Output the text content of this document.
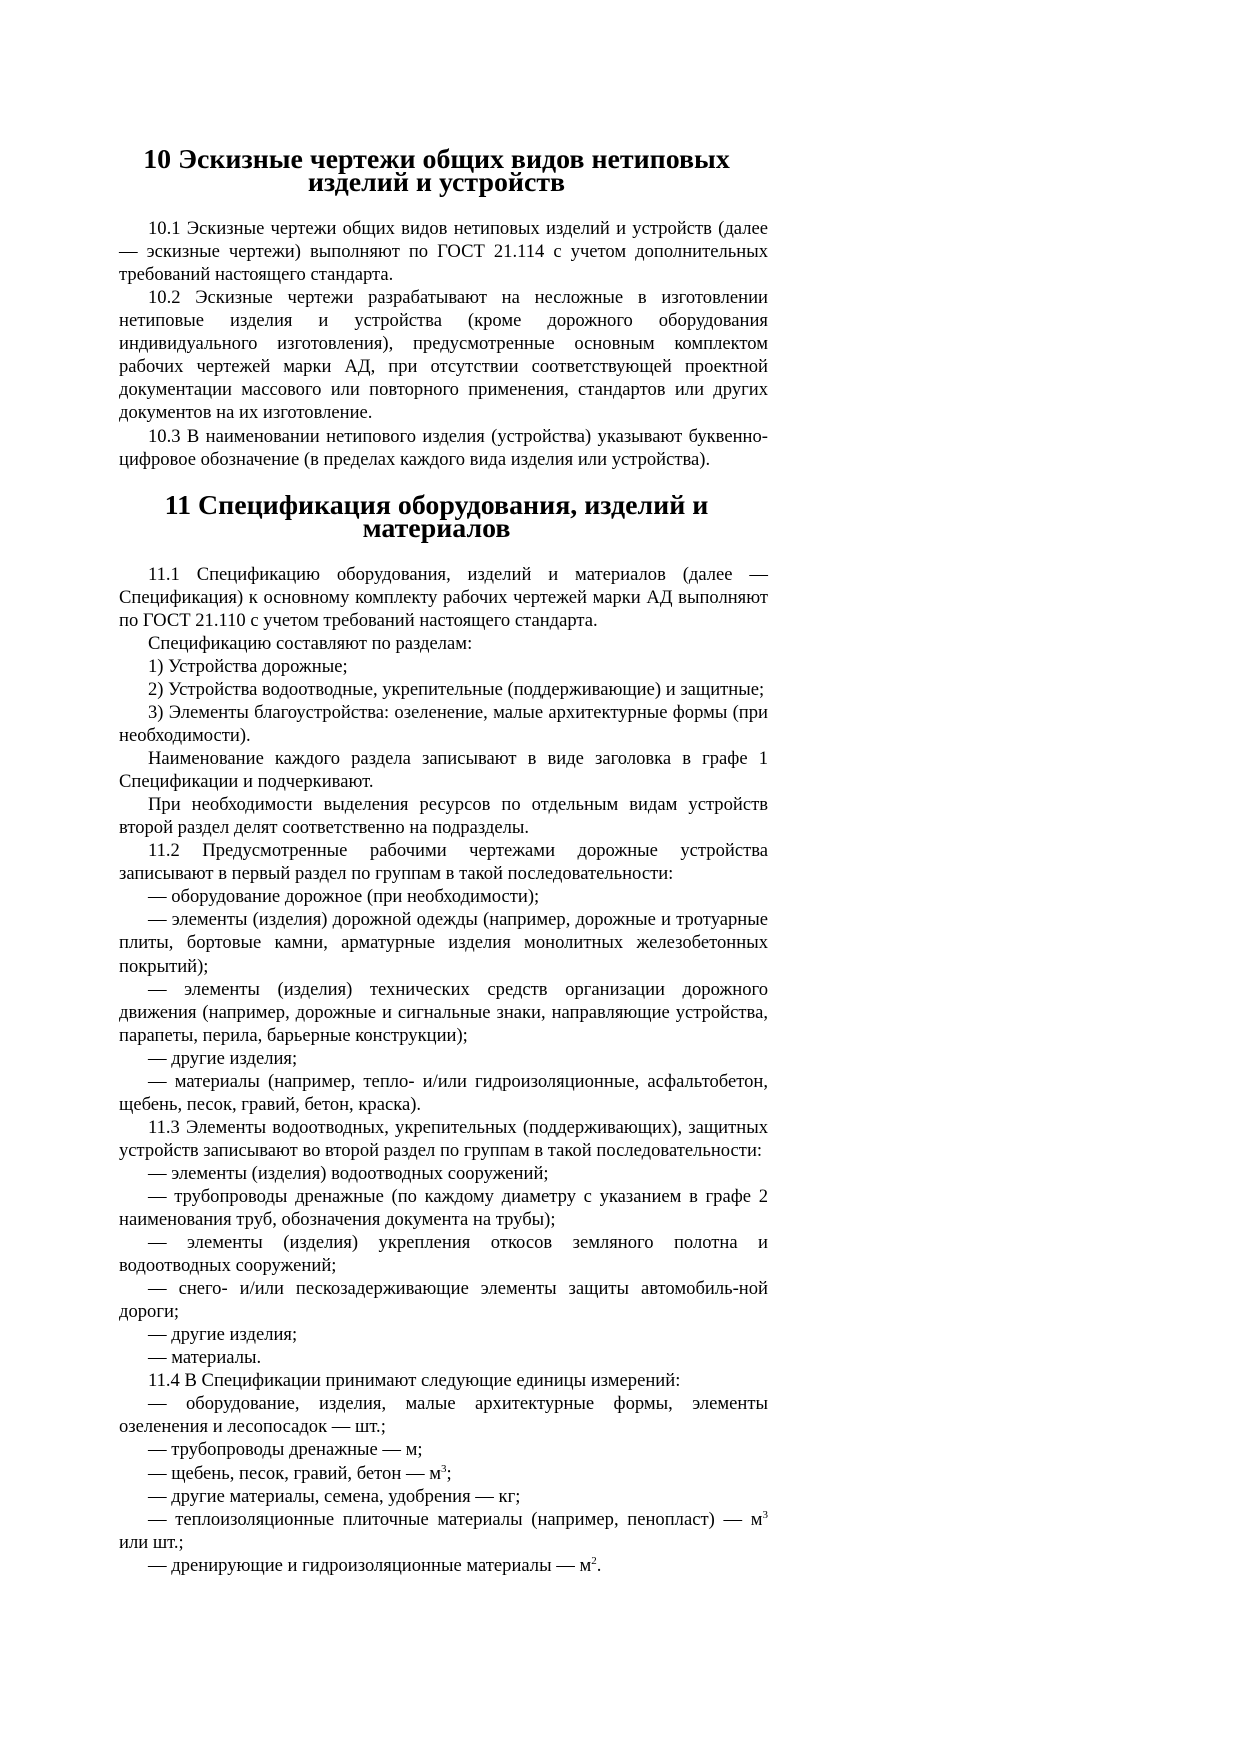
10 Эскизные чертежи общих видов нетиповых
изделий и устройств

10.1 Эскизные чертежи общих видов нетиповых изделий и устройств (далее — эскизные чертежи) выполняют по ГОСТ 21.114 с учетом дополнительных требований настоящего стандарта.

10.2 Эскизные чертежи разрабатывают на несложные в изготовлении нетиповые изделия и устройства (кроме дорожного оборудования индивидуального изготовления), предусмотренные основным комплектом рабочих чертежей марки АД, при отсутствии соответствующей проектной документации массового или повторного применения, стандартов или других документов на их изготовление.

10.3 В наименовании нетипового изделия (устройства) указывают буквенно-цифровое обозначение (в пределах каждого вида изделия или устройства).

11 Спецификация оборудования, изделий и материалов

11.1 Спецификацию оборудования, изделий и материалов (далее — Спецификация) к основному комплекту рабочих чертежей марки АД выполняют по ГОСТ 21.110 с учетом требований настоящего стандарта.

Спецификацию составляют по разделам:

1) Устройства дорожные;

2) Устройства водоотводные, укрепительные (поддерживающие) и защитные;

3) Элементы благоустройства: озеленение, малые архитектурные формы (при необходимости).

Наименование каждого раздела записывают в виде заголовка в графе 1 Спецификации и подчеркивают.

При необходимости выделения ресурсов по отдельным видам устройств второй раздел делят соответственно на подразделы.

11.2 Предусмотренные рабочими чертежами дорожные устройства записывают в первый раздел по группам в такой последовательности:

— оборудование дорожное (при необходимости);

— элементы (изделия) дорожной одежды (например, дорожные и тротуарные плиты, бортовые камни, арматурные изделия монолитных железобетонных покрытий);

— элементы (изделия) технических средств организации дорожного движения (например, дорожные и сигнальные знаки, направляющие устройства, парапеты, перила, барьерные конструкции);

— другие изделия;

— материалы (например, тепло- и/или гидроизоляционные, асфальтобетон, щебень, песок, гравий, бетон, краска).

11.3 Элементы водоотводных, укрепительных (поддерживающих), защитных устройств записывают во второй раздел по группам в такой последовательности:

— элементы (изделия) водоотводных сооружений;

— трубопроводы дренажные (по каждому диаметру с указанием в графе 2 наименования труб, обозначения документа на трубы);

— элементы (изделия) укрепления откосов земляного полотна и водоотводных сооружений;

— снего- и/или пескозадерживающие элементы защиты автомобиль-ной дороги;

— другие изделия;

— материалы.

11.4 В Спецификации принимают следующие единицы измерений:

— оборудование, изделия, малые архитектурные формы, элементы озеленения и лесопосадок — шт.;

— трубопроводы дренажные — м;

— щебень, песок, гравий, бетон — $м^3$;

— другие материалы, семена, удобрения — кг;

— теплоизоляционные плиточные материалы (например, пенопласт) — $м^3$ или шт.;

— дренирующие и гидроизоляционные материалы — $м^2$.
